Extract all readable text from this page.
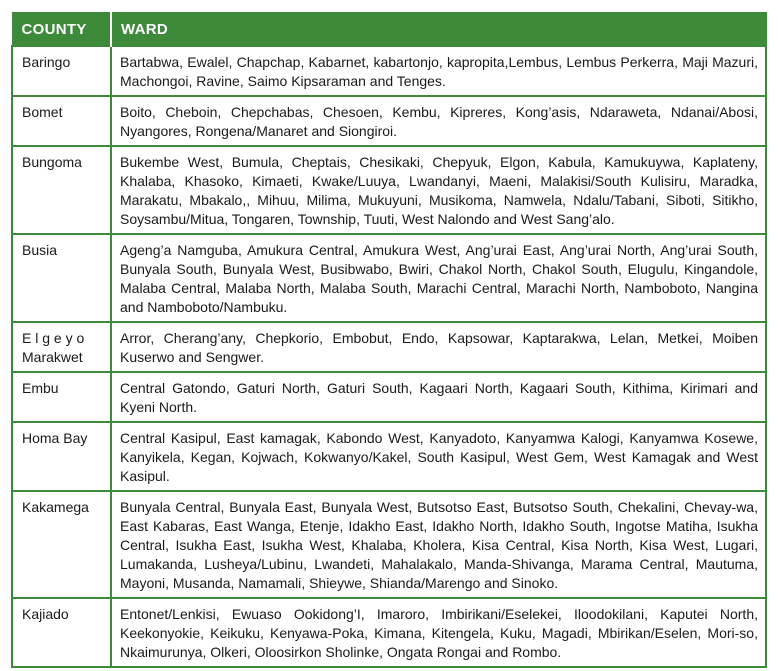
COUNTY	WARD
Baringo	Bartabwa, Ewalel, Chapchap, Kabarnet, kabartonjo, kapropita,Lembus, Lembus Perkerra, Maji Mazuri, Machongoi, Ravine, Saimo Kipsaraman and Tenges.
Bomet	Boito, Cheboin, Chepchabas, Chesoen, Kembu, Kipreres, Kong’asis, Ndaraweta, Ndanai/Abosi, Nyangores, Rongena/Manaret and Siongiroi.
Bungoma	Bukembe West, Bumula, Cheptais, Chesikaki, Chepyuk, Elgon, Kabula, Kamukuywa, Kaplateny, Khalaba, Khasoko, Kimaeti, Kwake/Luuya, Lwandanyi, Maeni, Malakisi/South Kulisiru, Maradka, Marakatu, Mbakalo,, Mihuu, Milima, Mukuyuni, Musikoma, Namwela, Ndalu/Tabani, Siboti, Sitikho, Soysambu/Mitua, Tongaren, Township, Tuuti, West Nalondo and West Sang’alo.
Busia	Ageng’a Namguba, Amukura Central, Amukura West, Ang’urai East, Ang’urai North, Ang’urai South, Bunyala South, Bunyala West, Busibwabo, Bwiri, Chakol North, Chakol South, Elugulu, Kingandole, Malaba Central, Malaba North, Malaba South, Marachi Central, Marachi North, Namboboto, Nangina and Namboboto/Nambuku.
E l g e y o Marakwet	Arror, Cherang’any, Chepkorio, Embobut, Endo, Kapsowar, Kaptarakwa, Lelan, Metkei, Moiben Kuserwo and Sengwer.
Embu	Central Gatondo, Gaturi North, Gaturi South, Kagaari North, Kagaari South, Kithima, Kirimari and Kyeni North.
Homa Bay	Central Kasipul, East kamagak, Kabondo West, Kanyadoto, Kanyamwa Kalogi, Kanyamwa Kosewe, Kanyikela, Kegan, Kojwach, Kokwanyo/Kakel, South Kasipul, West Gem, West Kamagak and West Kasipul.
Kakamega	Bunyala Central, Bunyala East, Bunyala West, Butsotso East, Butsotso South, Chekalini, Chevay-wa, East Kabaras, East Wanga, Etenje, Idakho East, Idakho North, Idakho South, Ingotse Matiha, Isukha Central, Isukha East, Isukha West, Khalaba, Kholera, Kisa Central, Kisa North, Kisa West, Lugari, Lumakanda, Lusheya/Lubinu, Lwandeti, Mahalakalo, Manda-Shivanga, Marama Central, Mautuma, Mayoni, Musanda, Namamali, Shieywe, Shianda/Marengo and Sinoko.
Kajiado	Entonet/Lenkisi, Ewuaso Ookidong’I, Imaroro, Imbirikani/Eselekei, Iloodokilani, Kaputei North, Keekonyokie, Keikuku, Kenyawa-Poka, Kimana, Kitengela, Kuku, Magadi, Mbirikan/Eselen, Mori-so, Nkaimurunya, Olkeri, Oloosirkon Sholinke, Ongata Rongai and Rombo.
